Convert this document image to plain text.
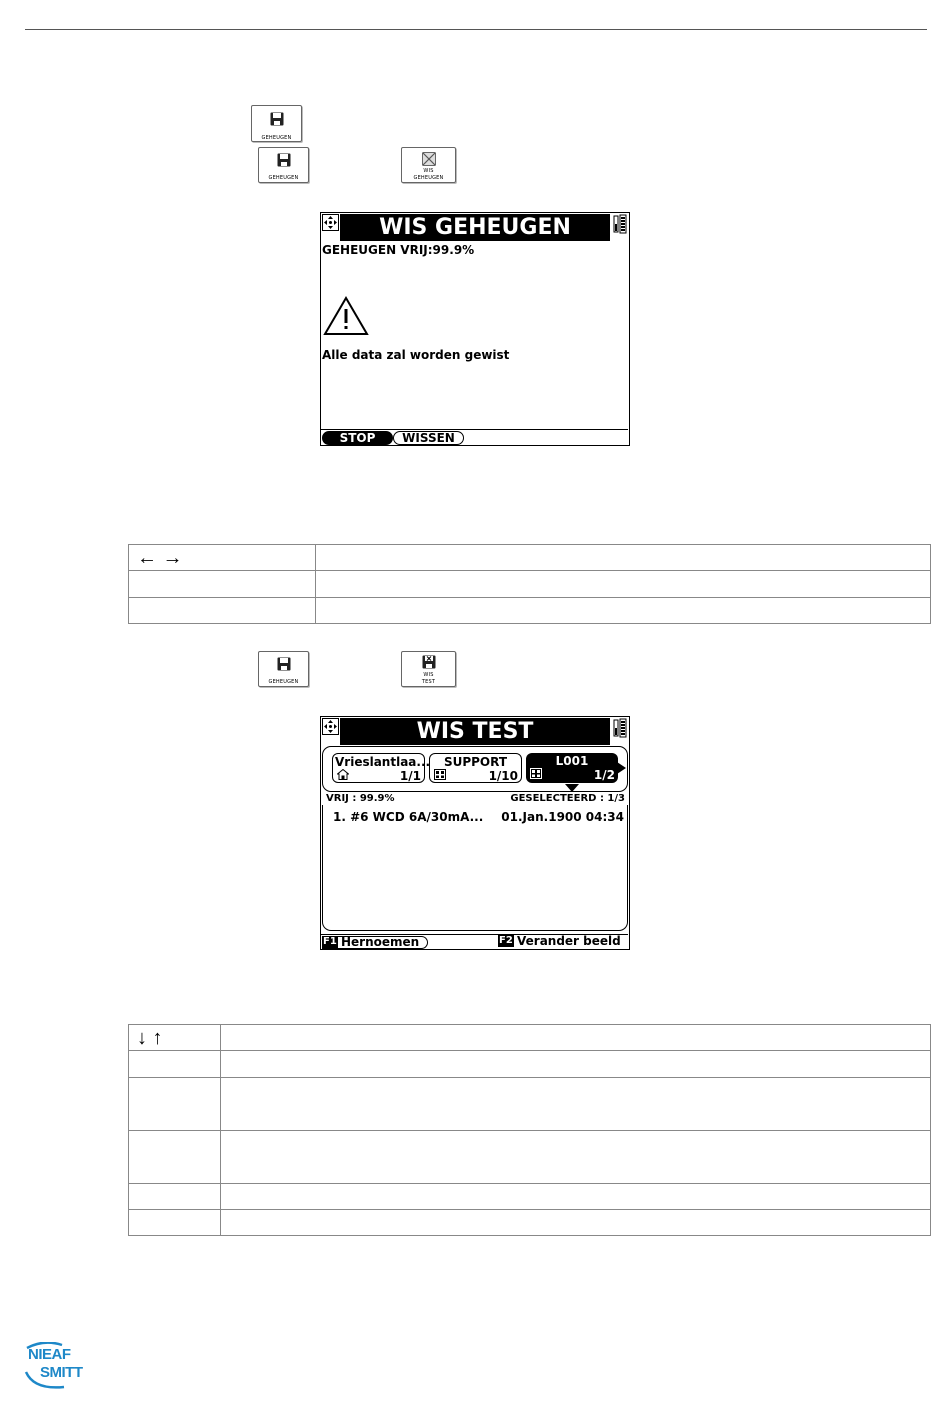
GEHEUGEN
GEHEUGEN
WIS
GEHEUGEN
WIS GEHEUGEN
GEHEUGEN VRIJ:99.9%
Alle data zal worden gewist
STOP	WISSEN
← →	

GEHEUGEN
WIS
TEST
WIS TEST
Vrieslantlaa...
1/1
SUPPORT
1/10
L001
1/2
VRIJ : 99.9%	GESELECTEERD : 1/3
1. #6 WCD 6A/30mA... 01.Jan.1900 04:34
F1 Hernoemen	F2 Verander beeld
↓ ↑	

NIEAF
SMITT
